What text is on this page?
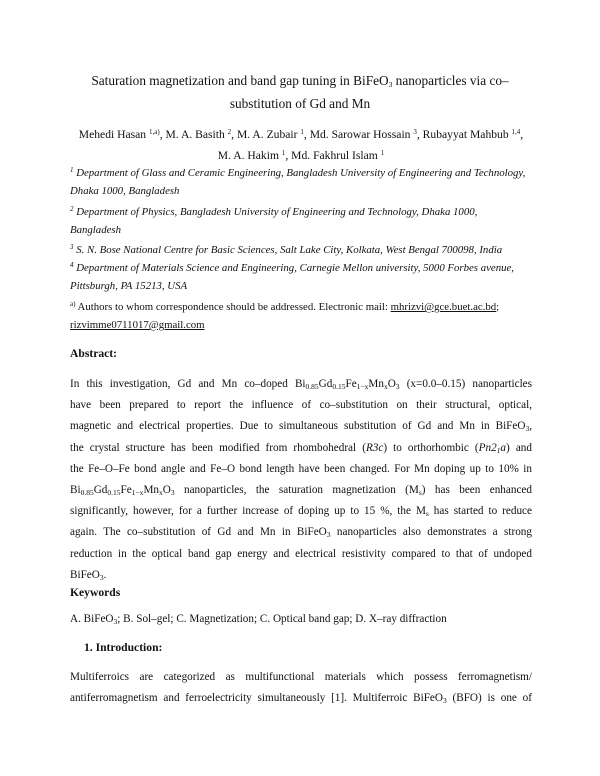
Saturation magnetization and band gap tuning in BiFeO$_3$ nanoparticles via co–
substitution of Gd and Mn
Mehedi Hasan $^{1,a)}$, M. A. Basith $^2$, M. A. Zubair $^1$, Md. Sarowar Hossain $^3$, Rubayyat Mahbub $^{1,4}$,
M. A. Hakim $^1$, Md. Fakhrul Islam $^1$
$^1$ Department of Glass and Ceramic Engineering, Bangladesh University of Engineering and Technology,
Dhaka 1000, Bangladesh
$^2$ Department of Physics, Bangladesh University of Engineering and Technology, Dhaka 1000,
Bangladesh
$^3$ S. N. Bose National Centre for Basic Sciences, Salt Lake City, Kolkata, West Bengal 700098, India
$^4$ Department of Materials Science and Engineering, Carnegie Mellon university, 5000 Forbes avenue,
Pittsburgh, PA 15213, USA
$^{a)}$ Authors to whom correspondence should be addressed. Electronic mail: mhrizvi@gce.buet.ac.bd;
rizvimme0711017@gmail.com
Abstract:
In this investigation, Gd and Mn co–doped $Bi_{0.85}Gd_{0.15}Fe_{1-x}Mn_xO_3$ (x=0.0–0.15) nanoparticles
have been prepared to report the influence of co–substitution on their structural, optical,
magnetic and electrical properties. Due to simultaneous substitution of Gd and Mn in BiFeO$_3$,
the crystal structure has been modified from rhombohedral (R3c) to orthorhombic $(Pn2_1a)$ and
the Fe–O–Fe bond angle and Fe–O bond length have been changed. For Mn doping up to 10% in
$Bi_{0.85}Gd_{0.15}Fe_{1-x}Mn_xO_3$ nanoparticles, the saturation magnetization $(M_s)$ has been enhanced
significantly, however, for a further increase of doping up to 15 %, the $M_s$ has started to reduce
again. The co–substitution of Gd and Mn in BiFeO$_3$ nanoparticles also demonstrates a strong
reduction in the optical band gap energy and electrical resistivity compared to that of undoped
BiFeO$_3$.
Keywords
A. BiFeO$_3$; B. Sol–gel; C. Magnetization; C. Optical band gap; D. X–ray diffraction
1. Introduction:
Multiferroics are categorized as multifunctional materials which possess ferromagnetism/
antiferromagnetism and ferroelectricity simultaneously [1]. Multiferroic BiFeO$_3$ (BFO) is one of
